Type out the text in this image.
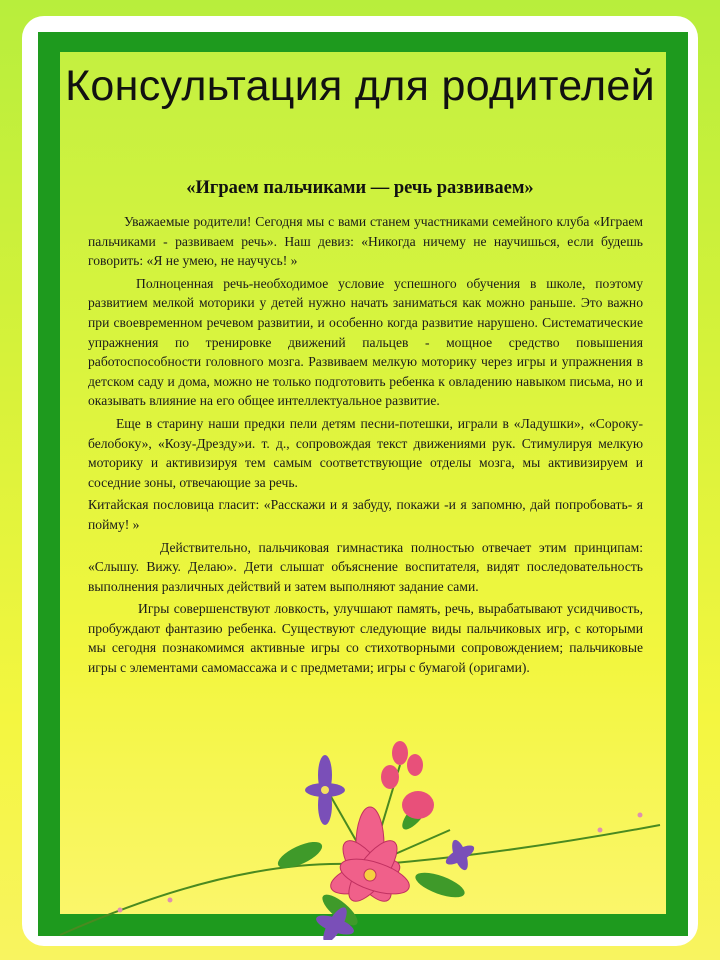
Консультация для родителей
«Играем пальчиками — речь развиваем»

Уважаемые родители! Сегодня мы с вами станем участниками семейного клуба «Играем пальчиками - развиваем речь». Наш девиз: «Никогда ничему не научишься, если будешь говорить: «Я не умею, не научусь! »

Полноценная речь-необходимое условие успешного обучения в школе, поэтому развитием мелкой моторики у детей нужно начать заниматься как можно раньше. Это важно при своевременном речевом развитии, и особенно когда развитие нарушено. Систематические упражнения по тренировке движений пальцев - мощное средство повышения работоспособности головного мозга. Развиваем мелкую моторику через игры и упражнения в детском саду и дома, можно не только подготовить ребенка к овладению навыком письма, но и оказывать влияние на его общее интеллектуальное развитие.

Еще в старину наши предки пели детям песни-потешки, играли в «Ладушки», «Сороку-белобоку», «Козу-Дрезду»и. т. д., сопровождая текст движениями рук. Стимулируя мелкую моторику и активизируя тем самым соответствующие отделы мозга, мы активизируем и соседние зоны, отвечающие за речь.

Китайская пословица гласит: «Расскажи и я забуду, покажи -и я запомню, дай попробовать- я пойму! »

Действительно, пальчиковая гимнастика полностью отвечает этим принципам: «Слышу. Вижу. Делаю». Дети слышат объяснение воспитателя, видят последовательность выполнения различных действий и затем выполняют задание сами.

Игры совершенствуют ловкость, улучшают память, речь, вырабатывают усидчивость, пробуждают фантазию ребенка. Существуют следующие виды пальчиковых игр, с которыми мы сегодня познакомимся активные игры со стихотворными сопровождением; пальчиковые игры с элементами самомассажа и с предметами; игры с бумагой (оригами).
